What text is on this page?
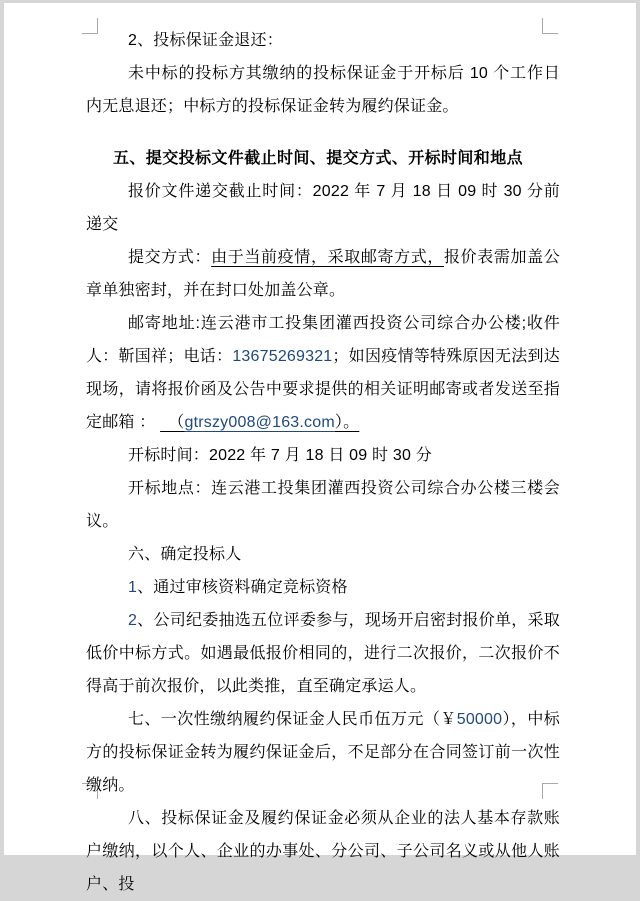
2、投标保证金退还：

未中标的投标方其缴纳的投标保证金于开标后 10 个工作日内无息退还；中标方的投标保证金转为履约保证金。

五、提交投标文件截止时间、提交方式、开标时间和地点

报价文件递交截止时间：2022 年 7 月 18 日 09 时 30 分前递交

提交方式：由于当前疫情，采取邮寄方式，报价表需加盖公章单独密封，并在封口处加盖公章。

邮寄地址:连云港市工投集团灌西投资公司综合办公楼;收件人：靳国祥；电话：13675269321；如因疫情等特殊原因无法到达现场，请将报价函及公告中要求提供的相关证明邮寄或者发送至指定邮箱 ： 　（gtrszy008@163.com）。

开标时间：2022 年 7 月 18 日 09 时 30 分

开标地点：连云港工投集团灌西投资公司综合办公楼三楼会议。

六、确定投标人

1、通过审核资料确定竞标资格

2、公司纪委抽选五位评委参与，现场开启密封报价单，采取低价中标方式。如遇最低报价相同的，进行二次报价，二次报价不得高于前次报价，以此类推，直至确定承运人。

七、一次性缴纳履约保证金人民币伍万元（￥50000），中标方的投标保证金转为履约保证金后，不足部分在合同签订前一次性缴纳。

八、投标保证金及履约保证金必须从企业的法人基本存款账户缴纳，以个人、企业的办事处、分公司、子公司名义或从他人账户、投
